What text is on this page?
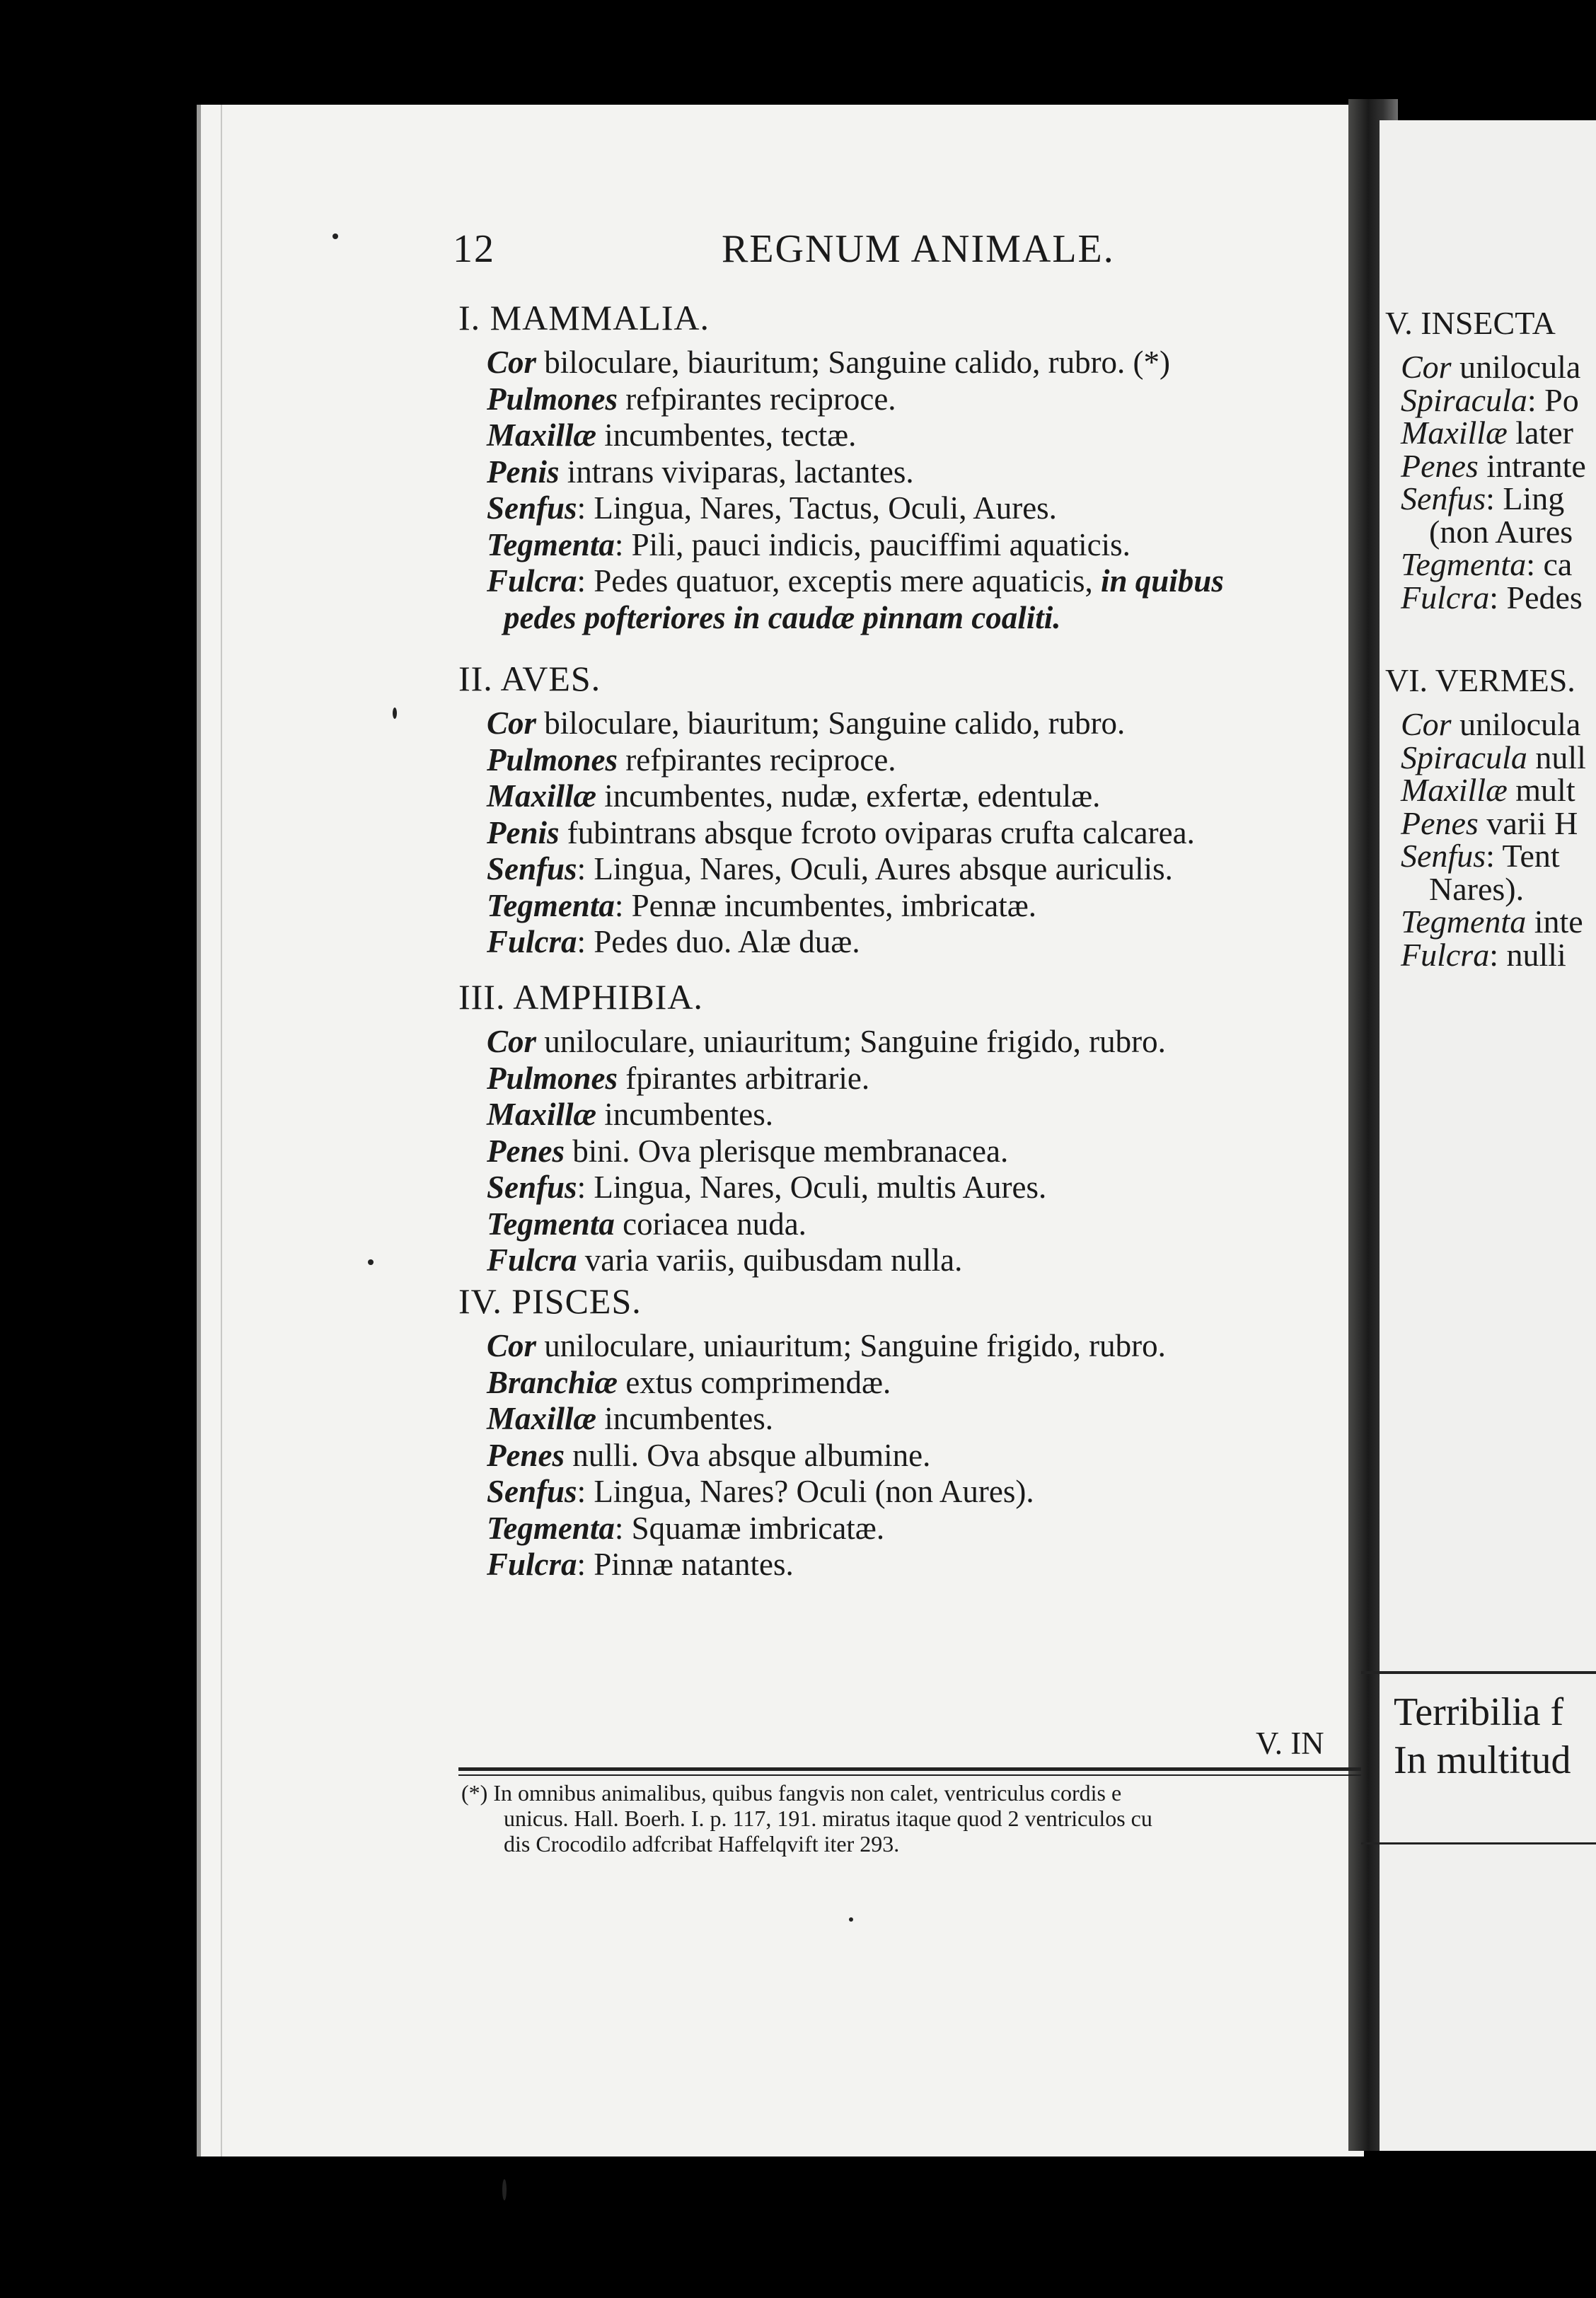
12	REGNUM ANIMALE.
I. MAMMALIA.
Cor biloculare, biauritum; Sanguine calido, rubro. (*)
Pulmones refpirantes reciproce.
Maxillæ incumbentes, tectæ.
Penis intrans viviparas, lactantes.
Senfus: Lingua, Nares, Tactus, Oculi, Aures.
Tegmenta: Pili, pauci indicis, pauciffimi aquaticis.
Fulcra: Pedes quatuor, exceptis mere aquaticis, in quibus
pedes pofteriores in caudæ pinnam coaliti.
II. AVES.
Cor biloculare, biauritum; Sanguine calido, rubro.
Pulmones refpirantes reciproce.
Maxillæ incumbentes, nudæ, exfertæ, edentulæ.
Penis fubintrans absque fcroto oviparas crufta calcarea.
Senfus: Lingua, Nares, Oculi, Aures absque auriculis.
Tegmenta: Pennæ incumbentes, imbricatæ.
Fulcra: Pedes duo. Alæ duæ.
III. AMPHIBIA.
Cor uniloculare, uniauritum; Sanguine frigido, rubro.
Pulmones fpirantes arbitrarie.
Maxillæ incumbentes.
Penes bini. Ova plerisque membranacea.
Senfus: Lingua, Nares, Oculi, multis Aures.
Tegmenta coriacea nuda.
Fulcra varia variis, quibusdam nulla.
IV. PISCES.
Cor uniloculare, uniauritum; Sanguine frigido, rubro.
Branchiæ extus comprimendæ.
Maxillæ incumbentes.
Penes nulli. Ova absque albumine.
Senfus: Lingua, Nares? Oculi (non Aures).
Tegmenta: Squamæ imbricatæ.
Fulcra: Pinnæ natantes.
V. IN
(*) In omnibus animalibus, quibus fangvis non calet, ventriculus cordis e
unicus. Hall. Boerh. I. p. 117, 191. miratus itaque quod 2 ventriculos cu
dis Crocodilo adfcribat Haffelqvift iter 293.
V. INSECTA
Cor unilocula
Spiracula: Po
Maxillæ later
Penes intrante
Senfus: Ling
(non Aures
Tegmenta: ca
Fulcra: Pedes
VI. VERMES.
Cor unilocula
Spiracula null
Maxillæ mult
Penes varii H
Senfus: Tent
Nares).
Tegmenta inte
Fulcra: nulli
Terribilia f
In multitud
